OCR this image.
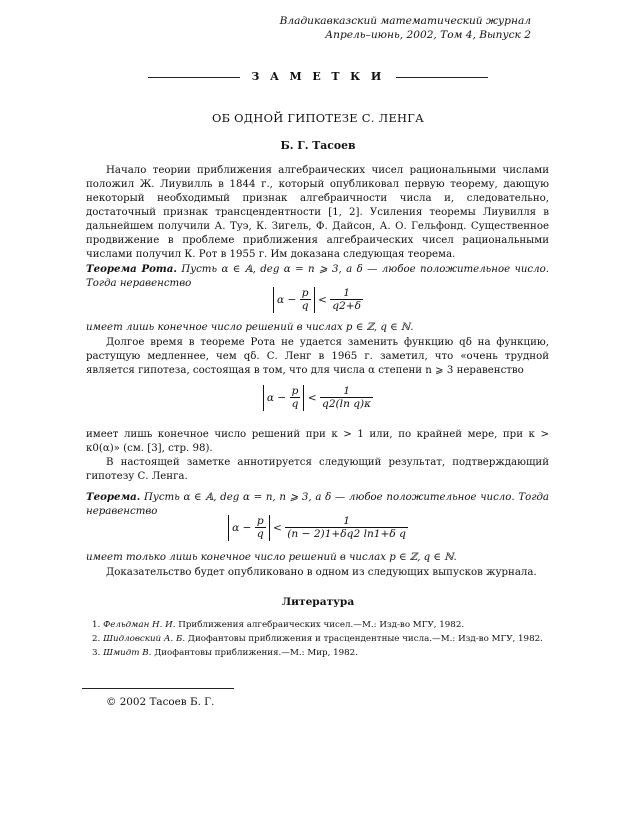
Владикавказский математический журнал
Апрель–июнь, 2002, Том 4, Выпуск 2
З А М Е Т К И
ОБ ОДНОЙ ГИПОТЕЗЕ С. ЛЕНГА
Б. Г. Тасоев
Начало теории приближения алгебраических чисел рациональными числами положил Ж. Лиувилль в 1844 г., который опубликовал первую теорему, дающую некоторый необходимый признак алгебраичности числа и, следовательно, достаточный признак трансцендентности [1, 2]. Усиления теоремы Лиувилля в дальнейшем получили А. Туэ, К. Зигель, Ф. Дайсон, А. О. Гельфонд. Существенное продвижение в проблеме приближения алгебраических чисел рациональными числами получил К. Рот в 1955 г. Им доказана следующая теорема.
Теорема Рота. Пусть α ∈ 𝔸, deg α = n ⩾ 3, а δ — любое положительное число. Тогда неравенство
$\alpha - \frac{p}{q} < \frac{1}{q2+\delta}$
имеет лишь конечное число решений в числах p ∈ ℤ, q ∈ ℕ.
Долгое время в теореме Рота не удается заменить функцию qδ на функцию, растущую медленнее, чем qδ. С. Ленг в 1965 г. заметил, что «очень трудной является гипотеза, состоящая в том, что для числа α степени n ⩾ 3 неравенство
$\alpha - \frac{p}{q} < \frac{1}{\text{q2(ln q)κ}}$
имеет лишь конечное число решений при κ > 1 или, по крайней мере, при κ > κ0(α)» (см. [3], стр. 98).
В настоящей заметке аннотируется следующий результат, подтверждающий гипотезу С. Ленга.
Теорема. Пусть α ∈ 𝔸, deg α = n, n ⩾ 3, а δ — любое положительное число. Тогда неравенство
$\alpha - \frac{p}{q} < \frac{1}{\text{(n − 2)1+δq2 ln1+δ q}}$
имеет только лишь конечное число решений в числах p ∈ ℤ, q ∈ ℕ.
Доказательство будет опубликовано в одном из следующих выпусков журнала.
Литература
1. Фельдман Н. И. Приближения алгебраических чисел.—М.: Изд-во МГУ, 1982.
2. Шидловский А. Б. Диофантовы приближения и трасцендентные числа.—М.: Изд-во МГУ, 1982.
3. Шмидт В. Диофантовы приближения.—М.: Мир, 1982.
© 2002 Тасоев Б. Г.
